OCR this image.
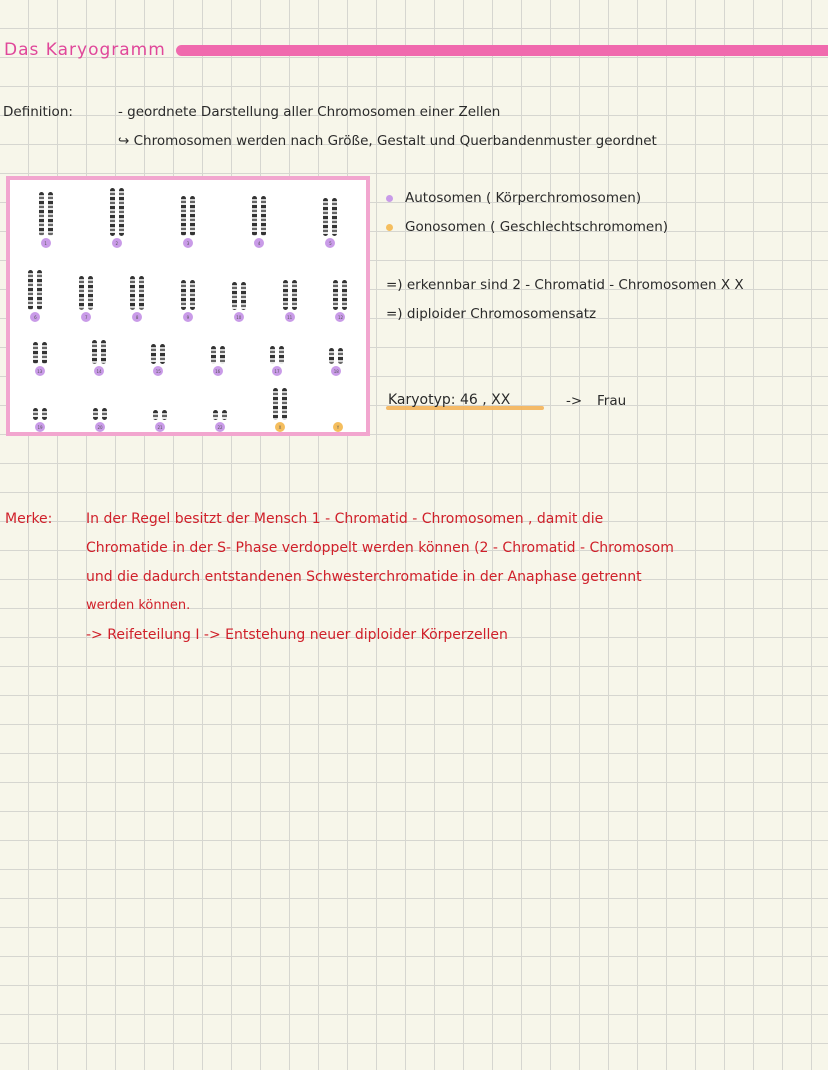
Das Karyogramm
Definition:	- geordnete Darstellung aller Chromosomen einer Zellen
↪ Chromosomen werden nach Größe, Gestalt und Querbandenmuster geordnet
1	2	3	4	5
6	7	8	9	10	11	12
13	14	15	16	17	18
19	20	21	22	X	Y
Autosomen ( Körperchromosomen)
Gonosomen ( Geschlechtschromomen)
=) erkennbar sind 2 - Chromatid - Chromosomen X X
=) diploider Chromosomensatz
Karyotyp: 46 , XX	-> Frau
Merke: In der Regel besitzt der Mensch 1 - Chromatid - Chromosomen , damit die
Chromatide in der S- Phase verdoppelt werden können (2 - Chromatid - Chromosom
und die dadurch entstandenen Schwesterchromatide in der Anaphase getrennt
werden können.
-> Reifeteilung I -> Entstehung neuer diploider Körperzellen
